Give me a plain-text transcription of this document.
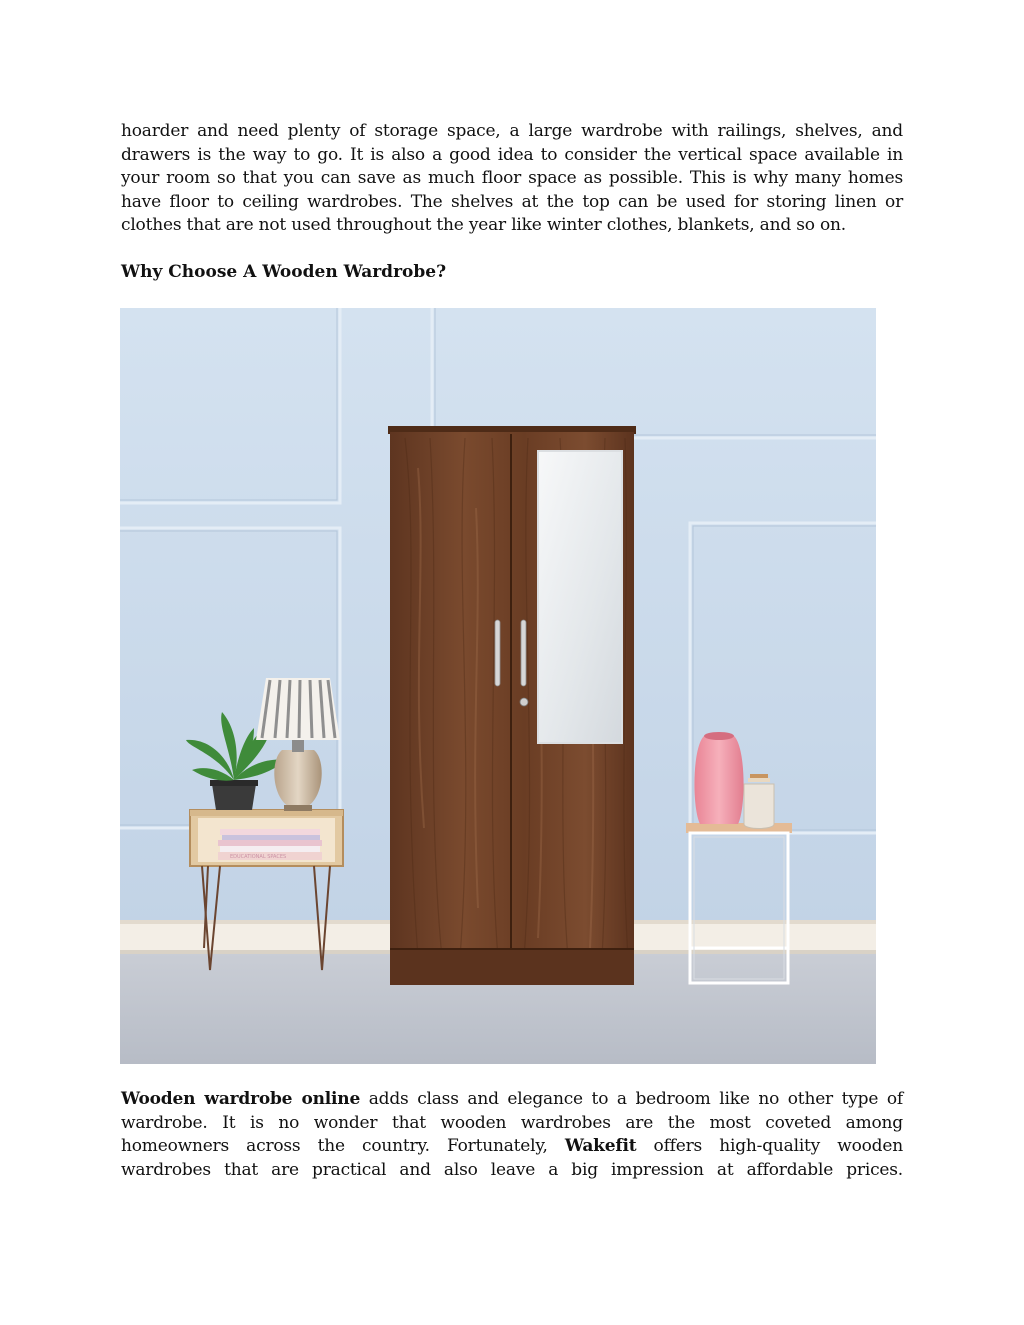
hoarder and need plenty of storage space, a large wardrobe with railings, shelves, and
drawers is the way to go. It is also a good idea to consider the vertical space available in
your room so that you can save as much floor space as possible. This is why many homes
have floor to ceiling wardrobes. The shelves at the top can be used for storing linen or
clothes that are not used throughout the year like winter clothes, blankets, and so on.
Why Choose A Wooden Wardrobe?
Wooden wardrobe online adds class and elegance to a bedroom like no other type of
wardrobe. It is no wonder that wooden wardrobes are the most coveted among
homeowners across the country. Fortunately, Wakefit offers high-quality wooden
wardrobes that are practical and also leave a big impression at affordable prices.
